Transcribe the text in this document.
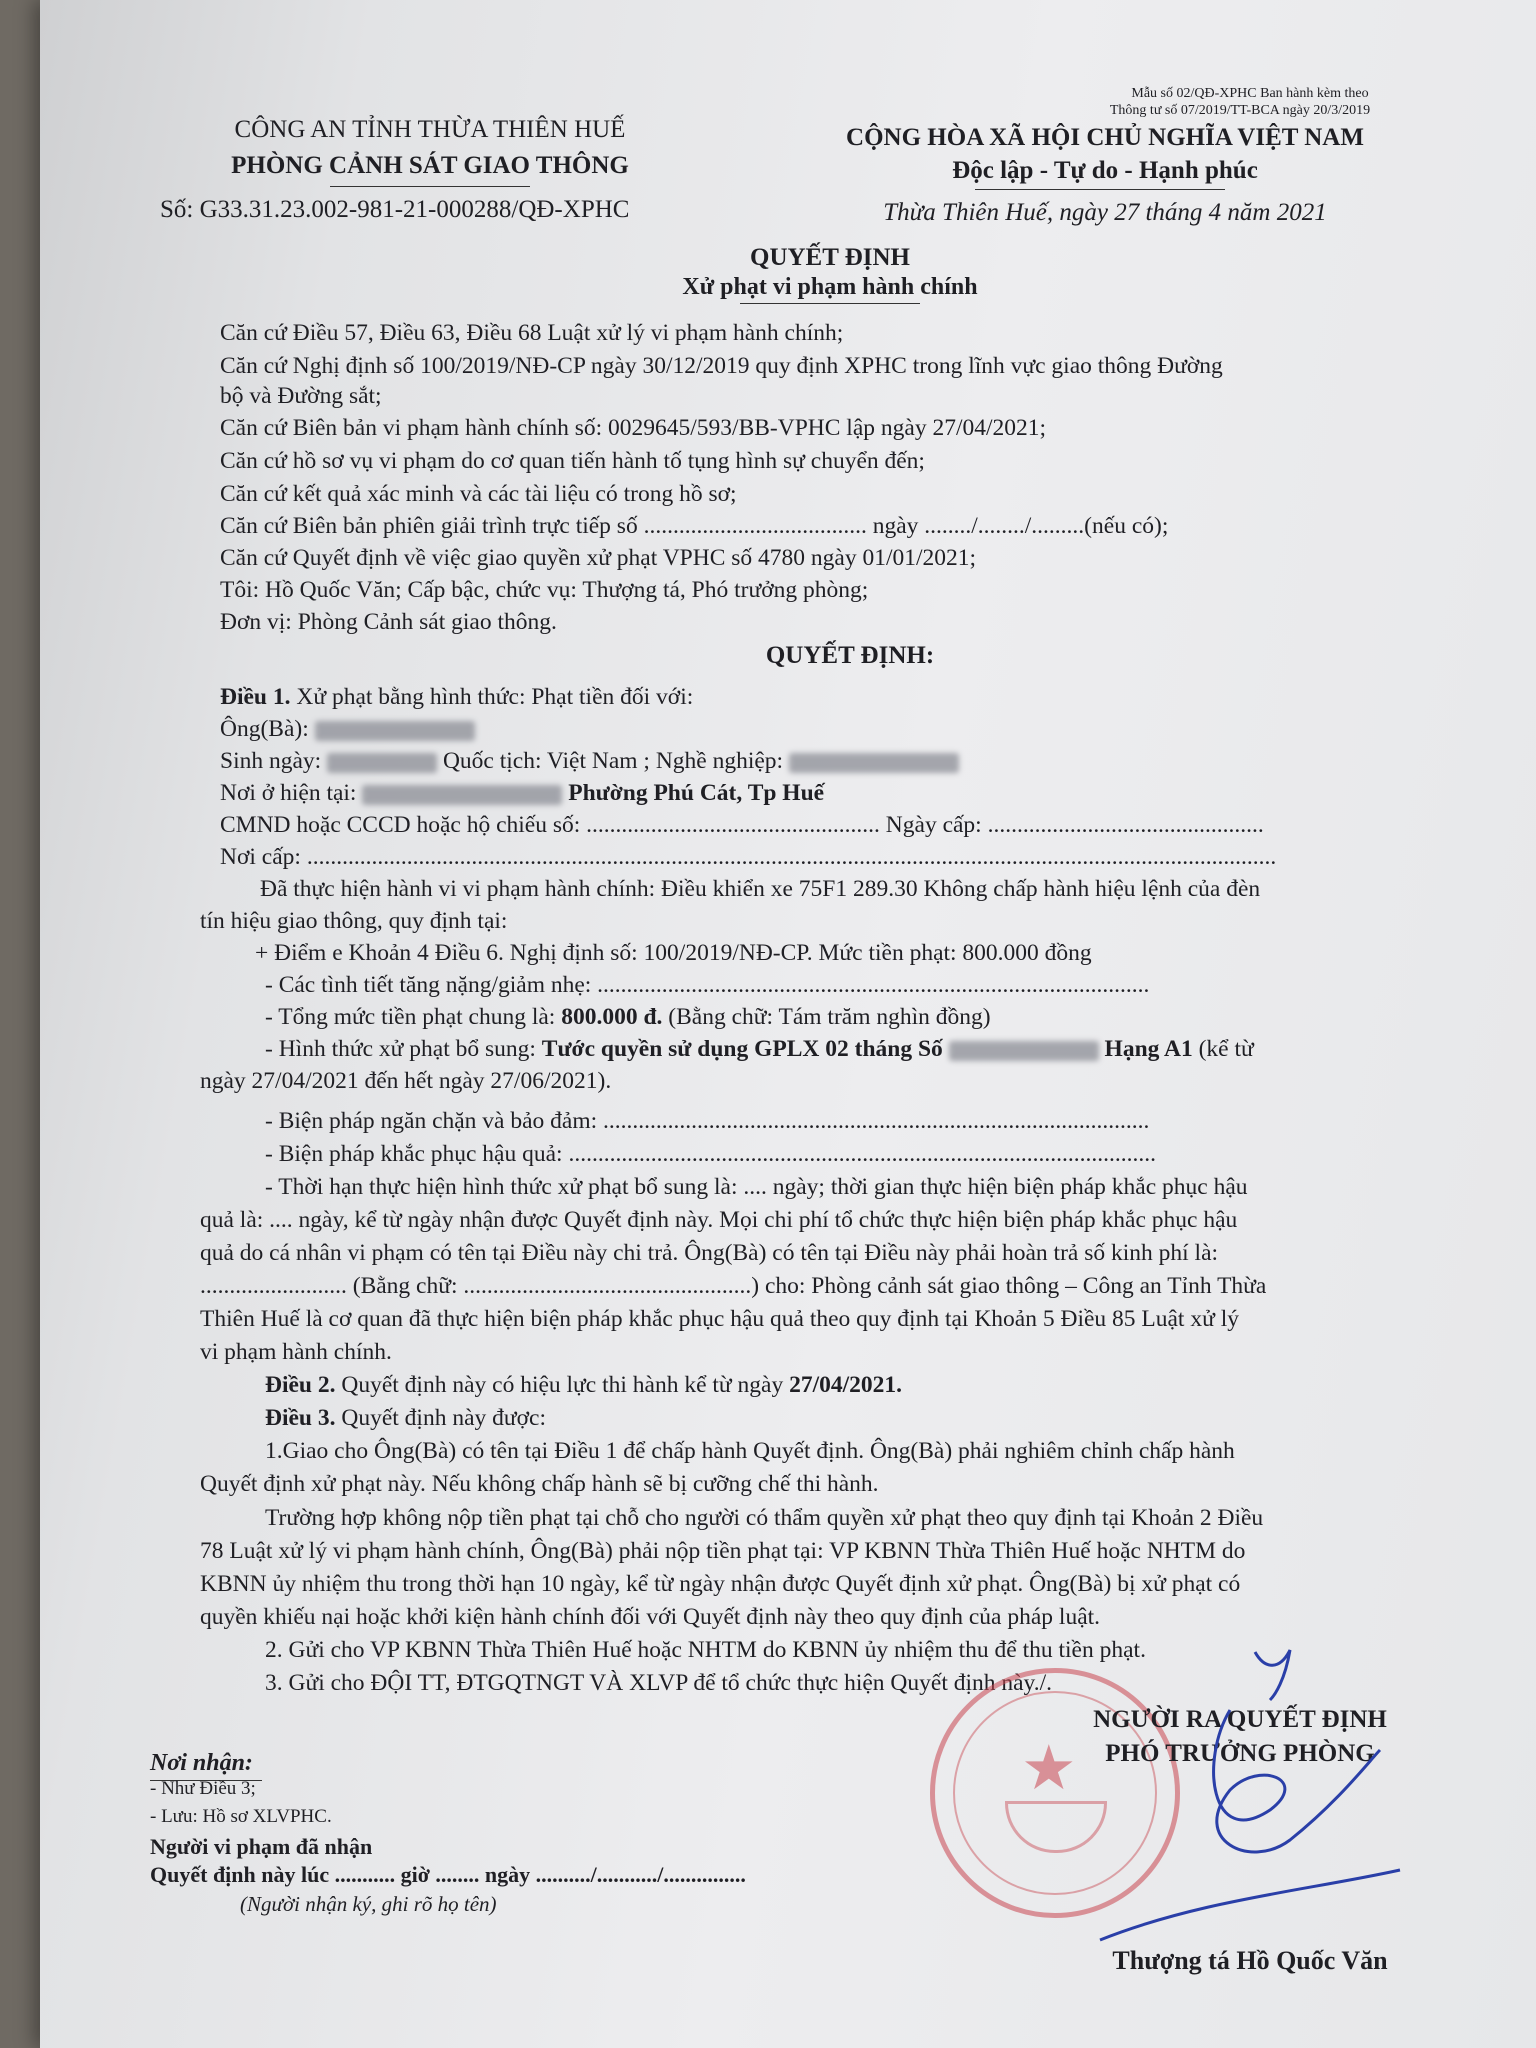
Mẫu số 02/QĐ-XPHC Ban hành kèm theo
Thông tư số 07/2019/TT-BCA ngày 20/3/2019
CÔNG AN TỈNH THỪA THIÊN HUẾ
PHÒNG CẢNH SÁT GIAO THÔNG
Số: G33.31.23.002-981-21-000288/QĐ-XPHC
CỘNG HÒA XÃ HỘI CHỦ NGHĨA VIỆT NAM
Độc lập - Tự do - Hạnh phúc
Thừa Thiên Huế, ngày 27 tháng 4 năm 2021
QUYẾT ĐỊNH
Xử phạt vi phạm hành chính
Căn cứ Điều 57, Điều 63, Điều 68 Luật xử lý vi phạm hành chính;
Căn cứ Nghị định số 100/2019/NĐ-CP ngày 30/12/2019 quy định XPHC trong lĩnh vực giao thông Đường
bộ và Đường sắt;
Căn cứ Biên bản vi phạm hành chính số: 0029645/593/BB-VPHC lập ngày 27/04/2021;
Căn cứ hồ sơ vụ vi phạm do cơ quan tiến hành tố tụng hình sự chuyển đến;
Căn cứ kết quả xác minh và các tài liệu có trong hồ sơ;
Căn cứ Biên bản phiên giải trình trực tiếp số ...................................... ngày ......../......../.........(nếu có);
Căn cứ Quyết định về việc giao quyền xử phạt VPHC số 4780 ngày 01/01/2021;
Tôi: Hồ Quốc Văn; Cấp bậc, chức vụ: Thượng tá, Phó trưởng phòng;
Đơn vị: Phòng Cảnh sát giao thông.
QUYẾT ĐỊNH:
Điều 1. Xử phạt bằng hình thức: Phạt tiền đối với:
Ông(Bà):
Sinh ngày:	Quốc tịch: Việt Nam ; Nghề nghiệp:
Nơi ở hiện tại:	Phường Phú Cát, Tp Huế
CMND hoặc CCCD hoặc hộ chiếu số: .................................................. Ngày cấp: ...............................................
Nơi cấp: .....................................................................................................................................................................
Đã thực hiện hành vi vi phạm hành chính: Điều khiển xe 75F1 289.30 Không chấp hành hiệu lệnh của đèn
tín hiệu giao thông, quy định tại:
+ Điểm e Khoản 4 Điều 6. Nghị định số: 100/2019/NĐ-CP. Mức tiền phạt: 800.000 đồng
- Các tình tiết tăng nặng/giảm nhẹ: ..............................................................................................
- Tổng mức tiền phạt chung là: 800.000 đ. (Bằng chữ: Tám trăm nghìn đồng)
- Hình thức xử phạt bổ sung: Tước quyền sử dụng GPLX 02 tháng Số	Hạng A1 (kể từ
ngày 27/04/2021 đến hết ngày 27/06/2021).
- Biện pháp ngăn chặn và bảo đảm: .............................................................................................
- Biện pháp khắc phục hậu quả: ....................................................................................................
- Thời hạn thực hiện hình thức xử phạt bổ sung là: .... ngày; thời gian thực hiện biện pháp khắc phục hậu
quả là: .... ngày, kể từ ngày nhận được Quyết định này. Mọi chi phí tổ chức thực hiện biện pháp khắc phục hậu
quả do cá nhân vi phạm có tên tại Điều này chi trả. Ông(Bà) có tên tại Điều này phải hoàn trả số kinh phí là:
......................... (Bằng chữ: .................................................) cho: Phòng cảnh sát giao thông – Công an Tỉnh Thừa
Thiên Huế là cơ quan đã thực hiện biện pháp khắc phục hậu quả theo quy định tại Khoản 5 Điều 85 Luật xử lý
vi phạm hành chính.
Điều 2. Quyết định này có hiệu lực thi hành kể từ ngày 27/04/2021.
Điều 3. Quyết định này được:
1.Giao cho Ông(Bà) có tên tại Điều 1 để chấp hành Quyết định. Ông(Bà) phải nghiêm chỉnh chấp hành
Quyết định xử phạt này. Nếu không chấp hành sẽ bị cưỡng chế thi hành.
Trường hợp không nộp tiền phạt tại chỗ cho người có thẩm quyền xử phạt theo quy định tại Khoản 2 Điều
78 Luật xử lý vi phạm hành chính, Ông(Bà) phải nộp tiền phạt tại: VP KBNN Thừa Thiên Huế hoặc NHTM do
KBNN ủy nhiệm thu trong thời hạn 10 ngày, kể từ ngày nhận được Quyết định xử phạt. Ông(Bà) bị xử phạt có
quyền khiếu nại hoặc khởi kiện hành chính đối với Quyết định này theo quy định của pháp luật.
2. Gửi cho VP KBNN Thừa Thiên Huế hoặc NHTM do KBNN ủy nhiệm thu để thu tiền phạt.
3. Gửi cho ĐỘI TT, ĐTGQTNGT VÀ XLVP để tổ chức thực hiện Quyết định này./.
★
NGƯỜI RA QUYẾT ĐỊNH
PHÓ TRƯỞNG PHÒNG
Thượng tá Hồ Quốc Văn
Nơi nhận:
- Như Điều 3;
- Lưu: Hồ sơ XLVPHC.
Người vi phạm đã nhận
Quyết định này lúc ........... giờ ........ ngày ........../.........../...............
(Người nhận ký, ghi rõ họ tên)
